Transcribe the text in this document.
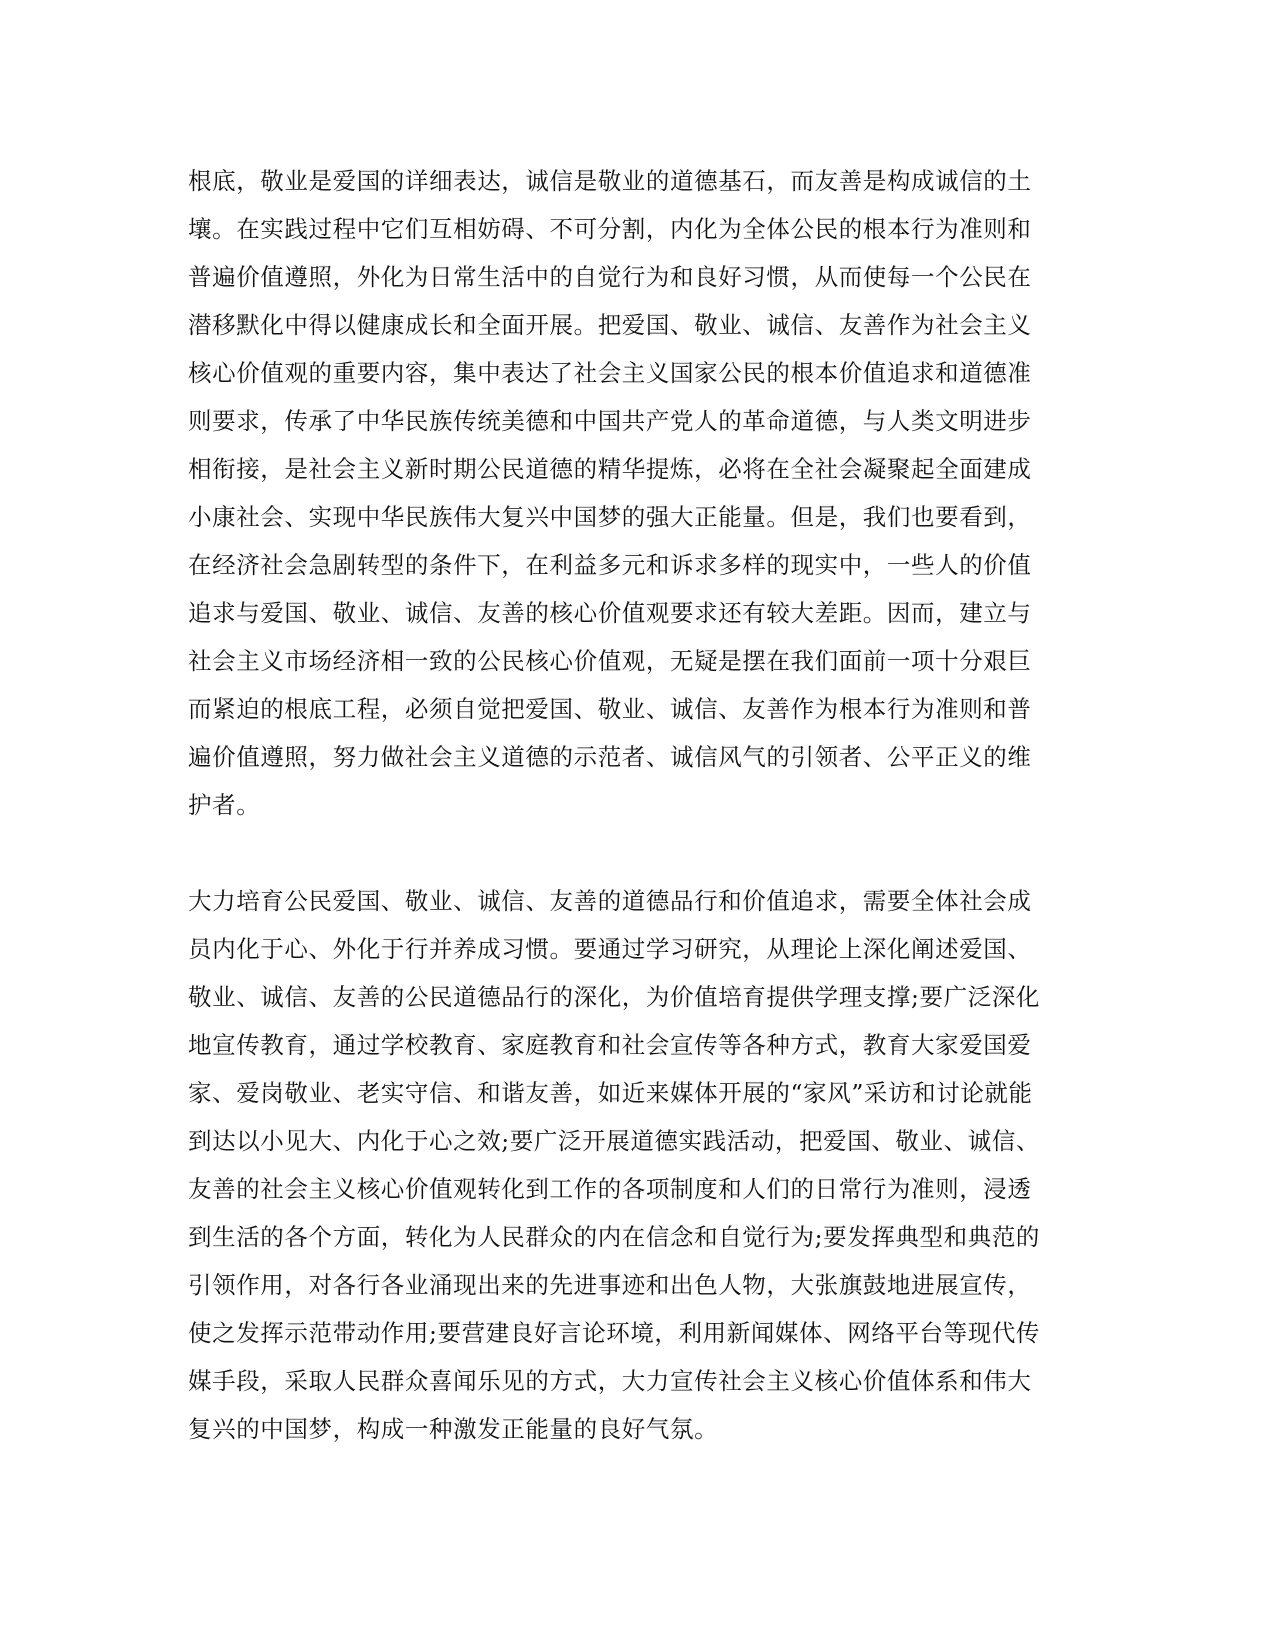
根底，敬业是爱国的详细表达，诚信是敬业的道德基石，而友善是构成诚信的土
壤。在实践过程中它们互相妨碍、不可分割，内化为全体公民的根本行为准则和
普遍价值遵照，外化为日常生活中的自觉行为和良好习惯，从而使每一个公民在
潜移默化中得以健康成长和全面开展。把爱国、敬业、诚信、友善作为社会主义
核心价值观的重要内容，集中表达了社会主义国家公民的根本价值追求和道德准
则要求，传承了中华民族传统美德和中国共产党人的革命道德，与人类文明进步
相衔接，是社会主义新时期公民道德的精华提炼，必将在全社会凝聚起全面建成
小康社会、实现中华民族伟大复兴中国梦的强大正能量。但是，我们也要看到，
在经济社会急剧转型的条件下，在利益多元和诉求多样的现实中，一些人的价值
追求与爱国、敬业、诚信、友善的核心价值观要求还有较大差距。因而，建立与
社会主义市场经济相一致的公民核心价值观，无疑是摆在我们面前一项十分艰巨
而紧迫的根底工程，必须自觉把爱国、敬业、诚信、友善作为根本行为准则和普
遍价值遵照，努力做社会主义道德的示范者、诚信风气的引领者、公平正义的维
护者。
大力培育公民爱国、敬业、诚信、友善的道德品行和价值追求，需要全体社会成
员内化于心、外化于行并养成习惯。要通过学习研究，从理论上深化阐述爱国、
敬业、诚信、友善的公民道德品行的深化，为价值培育提供学理支撑;要广泛深化
地宣传教育，通过学校教育、家庭教育和社会宣传等各种方式，教育大家爱国爱
家、爱岗敬业、老实守信、和谐友善，如近来媒体开展的“家风”采访和讨论就能
到达以小见大、内化于心之效;要广泛开展道德实践活动，把爱国、敬业、诚信、
友善的社会主义核心价值观转化到工作的各项制度和人们的日常行为准则，浸透
到生活的各个方面，转化为人民群众的内在信念和自觉行为;要发挥典型和典范的
引领作用，对各行各业涌现出来的先进事迹和出色人物，大张旗鼓地进展宣传，
使之发挥示范带动作用;要营建良好言论环境，利用新闻媒体、网络平台等现代传
媒手段，采取人民群众喜闻乐见的方式，大力宣传社会主义核心价值体系和伟大
复兴的中国梦，构成一种激发正能量的良好气氛。
